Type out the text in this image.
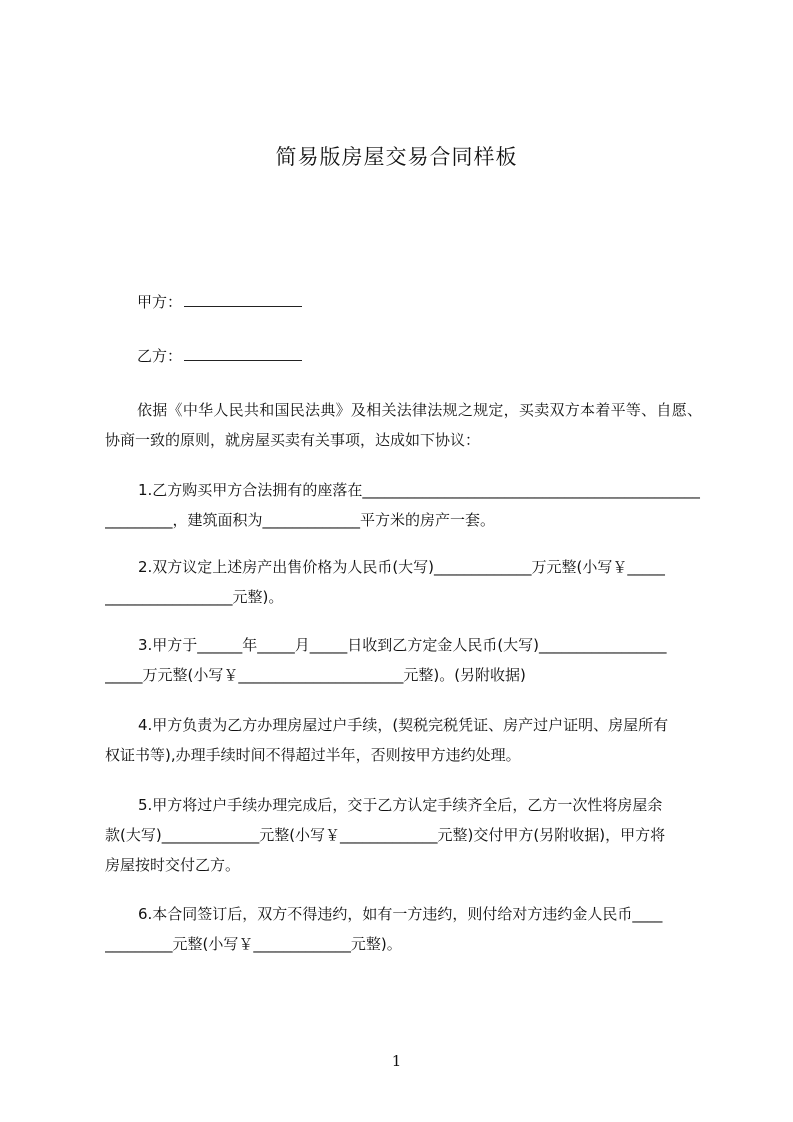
简易版房屋交易合同样板
甲方：
乙方：
依据《中华人民共和国民法典》及相关法律法规之规定，买卖双方本着平等、自愿、协商一致的原则，就房屋买卖有关事项，达成如下协议：
1.乙方购买甲方合法拥有的座落在_____________________________________________
_________，建筑面积为_____________平方米的房产一套。
2.双方议定上述房产出售价格为人民币(大写)_____________万元整(小写￥_____
_________________元整)。
3.甲方于______年_____月_____日收到乙方定金人民币(大写)_________________
_____万元整(小写￥______________________元整)。(另附收据)
4.甲方负责为乙方办理房屋过户手续，(契税完税凭证、房产过户证明、房屋所有
权证书等),办理手续时间不得超过半年，否则按甲方违约处理。
5.甲方将过户手续办理完成后，交于乙方认定手续齐全后，乙方一次性将房屋余
款(大写)_____________元整(小写￥_____________元整)交付甲方(另附收据)，甲方将
房屋按时交付乙方。
6.本合同签订后，双方不得违约，如有一方违约，则付给对方违约金人民币____
_________元整(小写￥_____________元整)。
1
